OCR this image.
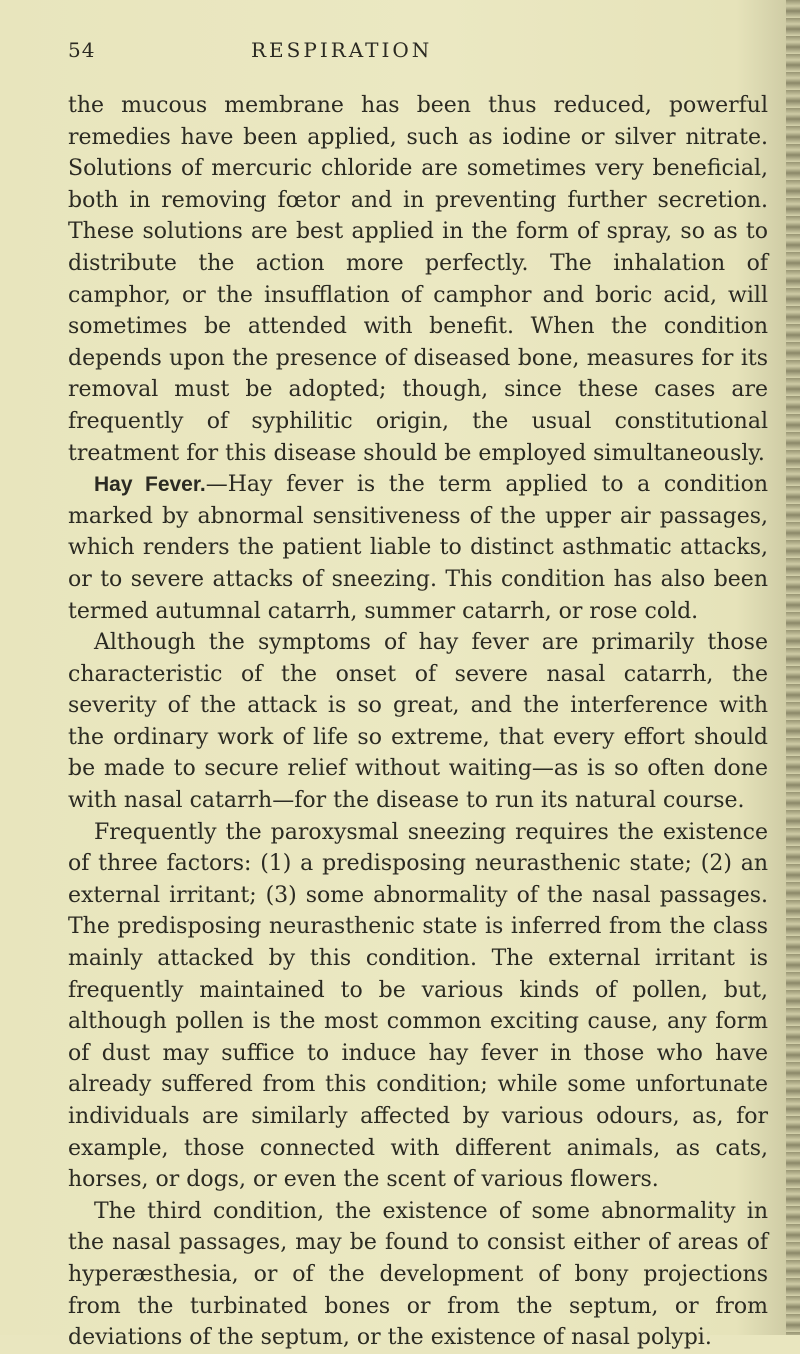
54	RESPIRATION

the mucous membrane has been thus reduced, powerful remedies have been applied, such as iodine or silver nitrate. Solutions of mercuric chloride are sometimes very beneficial, both in removing fœtor and in preventing further secretion. These solutions are best applied in the form of spray, so as to distribute the action more perfectly. The inhalation of camphor, or the insufflation of camphor and boric acid, will sometimes be attended with benefit. When the condition depends upon the presence of diseased bone, measures for its removal must be adopted; though, since these cases are frequently of syphilitic origin, the usual constitutional treatment for this disease should be employed simultaneously.

Hay Fever.—Hay fever is the term applied to a condition marked by abnormal sensitiveness of the upper air passages, which renders the patient liable to distinct asthmatic attacks, or to severe attacks of sneezing. This condition has also been termed autumnal catarrh, summer catarrh, or rose cold.

Although the symptoms of hay fever are primarily those characteristic of the onset of severe nasal catarrh, the severity of the attack is so great, and the interference with the ordinary work of life so extreme, that every effort should be made to secure relief without waiting—as is so often done with nasal catarrh—for the disease to run its natural course.

Frequently the paroxysmal sneezing requires the existence of three factors: (1) a predisposing neurasthenic state; (2) an external irritant; (3) some abnormality of the nasal passages. The predisposing neurasthenic state is inferred from the class mainly attacked by this condition. The external irritant is frequently maintained to be various kinds of pollen, but, although pollen is the most common exciting cause, any form of dust may suffice to induce hay fever in those who have already suffered from this condition; while some unfortunate individuals are similarly affected by various odours, as, for example, those connected with different animals, as cats, horses, or dogs, or even the scent of various flowers.

The third condition, the existence of some abnormality in the nasal passages, may be found to consist either of areas of hyperæsthesia, or of the development of bony projections from the turbinated bones or from the septum, or from deviations of the septum, or the existence of nasal polypi.
